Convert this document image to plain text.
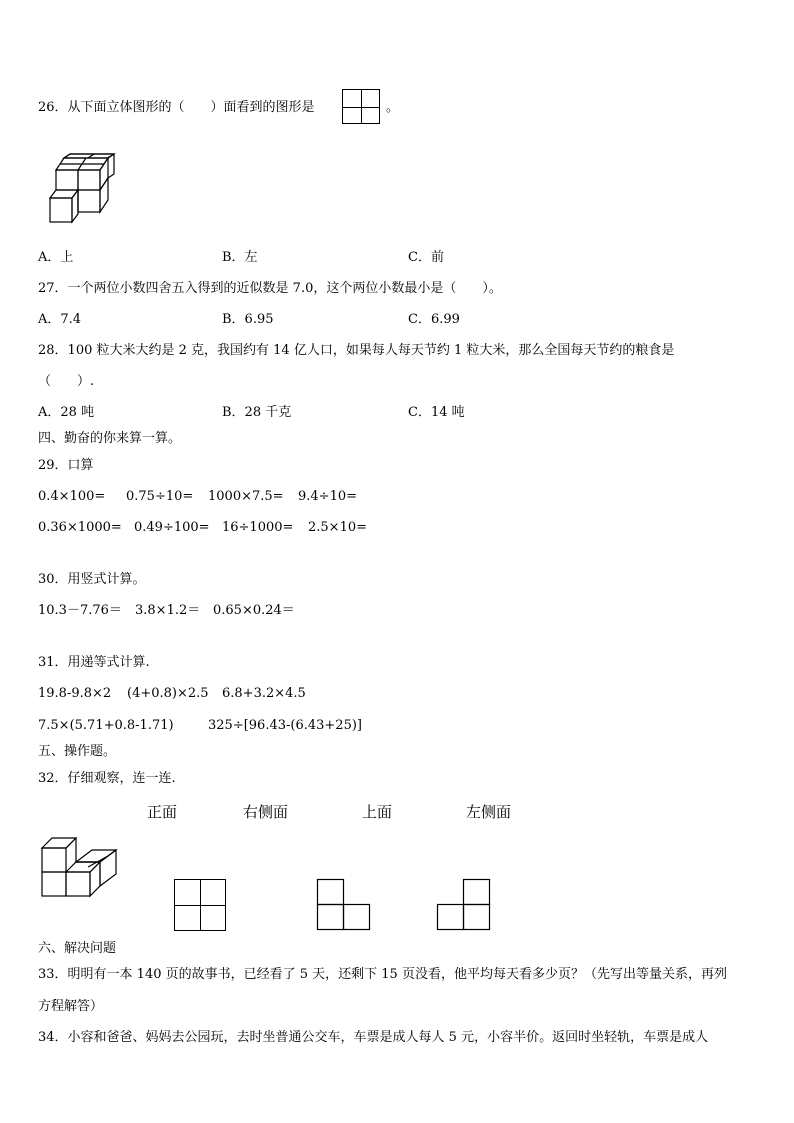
26．从下面立体图形的（　　）面看到的图形是	。
A．上	B．左	C．前
27．一个两位小数四舍五入得到的近似数是 7.0，这个两位小数最小是（　　）。
A．7.4	B．6.95	C．6.99
28．100 粒大米大约是 2 克，我国约有 14 亿人口，如果每人每天节约 1 粒大米，那么全国每天节约的粮食是
（　　）.
A．28 吨	B．28 千克	C．14 吨
四、勤奋的你来算一算。
29．口算
0.4×100= 0.75÷10= 1000×7.5= 9.4÷10=
0.36×1000= 0.49÷100= 16÷1000= 2.5×10=
30．用竖式计算。
10.3－7.76＝ 3.8×1.2＝ 0.65×0.24＝
31．用递等式计算.
19.8-9.8×2 (4+0.8)×2.5 6.8+3.2×4.5
7.5×(5.71+0.8-1.71)	325÷[96.43-(6.43+25)]
五、操作题。
32．仔细观察，连一连.
正面	右侧面	上面	左侧面
六、解决问题
33．明明有一本 140 页的故事书，已经看了 5 天，还剩下 15 页没看，他平均每天看多少页？（先写出等量关系，再列
方程解答）
34．小容和爸爸、妈妈去公园玩，去时坐普通公交车，车票是成人每人 5 元，小容半价。返回时坐轻轨，车票是成人
